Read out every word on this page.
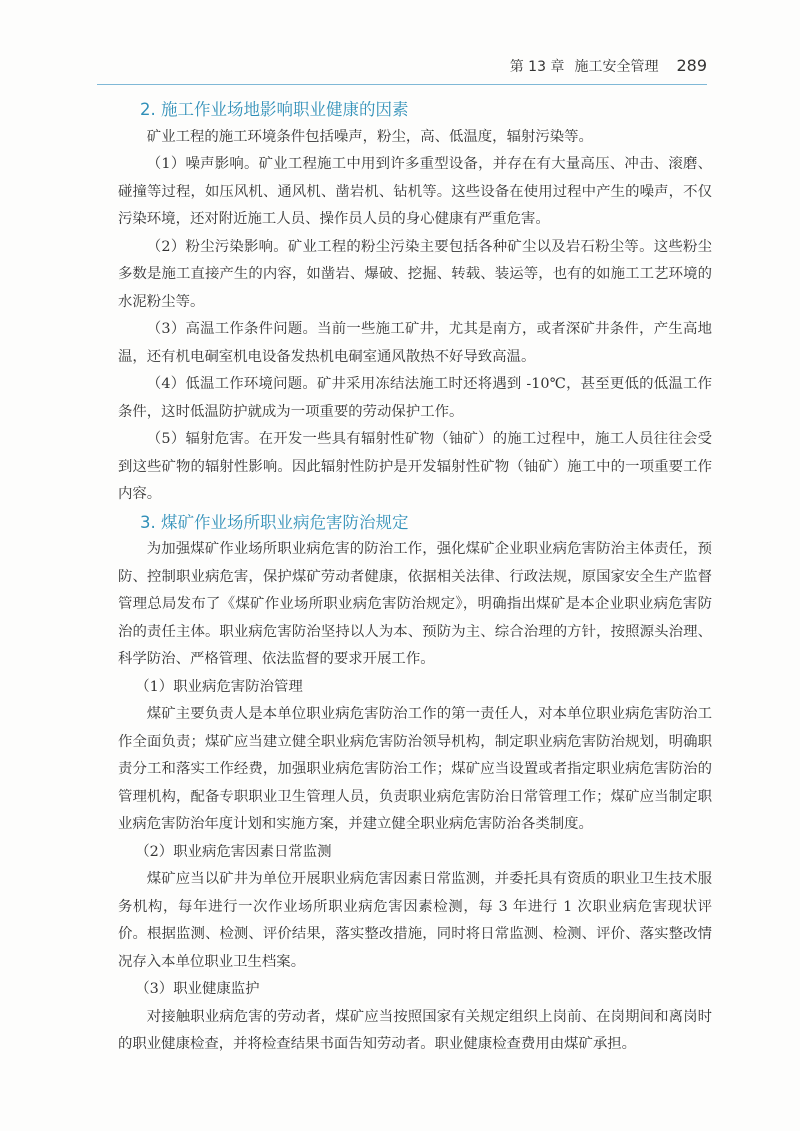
第 13 章 施工安全管理 289
2. 施工作业场地影响职业健康的因素

矿业工程的施工环境条件包括噪声，粉尘，高、低温度，辐射污染等。

（1）噪声影响。矿业工程施工中用到许多重型设备，并存在有大量高压、冲击、滚磨、碰撞等过程，如压风机、通风机、凿岩机、钻机等。这些设备在使用过程中产生的噪声，不仅污染环境，还对附近施工人员、操作员人员的身心健康有严重危害。

（2）粉尘污染影响。矿业工程的粉尘污染主要包括各种矿尘以及岩石粉尘等。这些粉尘多数是施工直接产生的内容，如凿岩、爆破、挖掘、转载、装运等，也有的如施工工艺环境的水泥粉尘等。

（3）高温工作条件问题。当前一些施工矿井，尤其是南方，或者深矿井条件，产生高地温，还有机电硐室机电设备发热机电硐室通风散热不好导致高温。

（4）低温工作环境问题。矿井采用冻结法施工时还将遇到 -10℃，甚至更低的低温工作条件，这时低温防护就成为一项重要的劳动保护工作。

（5）辐射危害。在开发一些具有辐射性矿物（铀矿）的施工过程中，施工人员往往会受到这些矿物的辐射性影响。因此辐射性防护是开发辐射性矿物（铀矿）施工中的一项重要工作内容。

3. 煤矿作业场所职业病危害防治规定

为加强煤矿作业场所职业病危害的防治工作，强化煤矿企业职业病危害防治主体责任，预防、控制职业病危害，保护煤矿劳动者健康，依据相关法律、行政法规，原国家安全生产监督管理总局发布了《煤矿作业场所职业病危害防治规定》，明确指出煤矿是本企业职业病危害防治的责任主体。职业病危害防治坚持以人为本、预防为主、综合治理的方针，按照源头治理、科学防治、严格管理、依法监督的要求开展工作。

（1）职业病危害防治管理

煤矿主要负责人是本单位职业病危害防治工作的第一责任人，对本单位职业病危害防治工作全面负责；煤矿应当建立健全职业病危害防治领导机构，制定职业病危害防治规划，明确职责分工和落实工作经费，加强职业病危害防治工作；煤矿应当设置或者指定职业病危害防治的管理机构，配备专职职业卫生管理人员，负责职业病危害防治日常管理工作；煤矿应当制定职业病危害防治年度计划和实施方案，并建立健全职业病危害防治各类制度。

（2）职业病危害因素日常监测

煤矿应当以矿井为单位开展职业病危害因素日常监测，并委托具有资质的职业卫生技术服务机构，每年进行一次作业场所职业病危害因素检测，每 3 年进行 1 次职业病危害现状评价。根据监测、检测、评价结果，落实整改措施，同时将日常监测、检测、评价、落实整改情况存入本单位职业卫生档案。

（3）职业健康监护

对接触职业病危害的劳动者，煤矿应当按照国家有关规定组织上岗前、在岗期间和离岗时的职业健康检查，并将检查结果书面告知劳动者。职业健康检查费用由煤矿承担。
